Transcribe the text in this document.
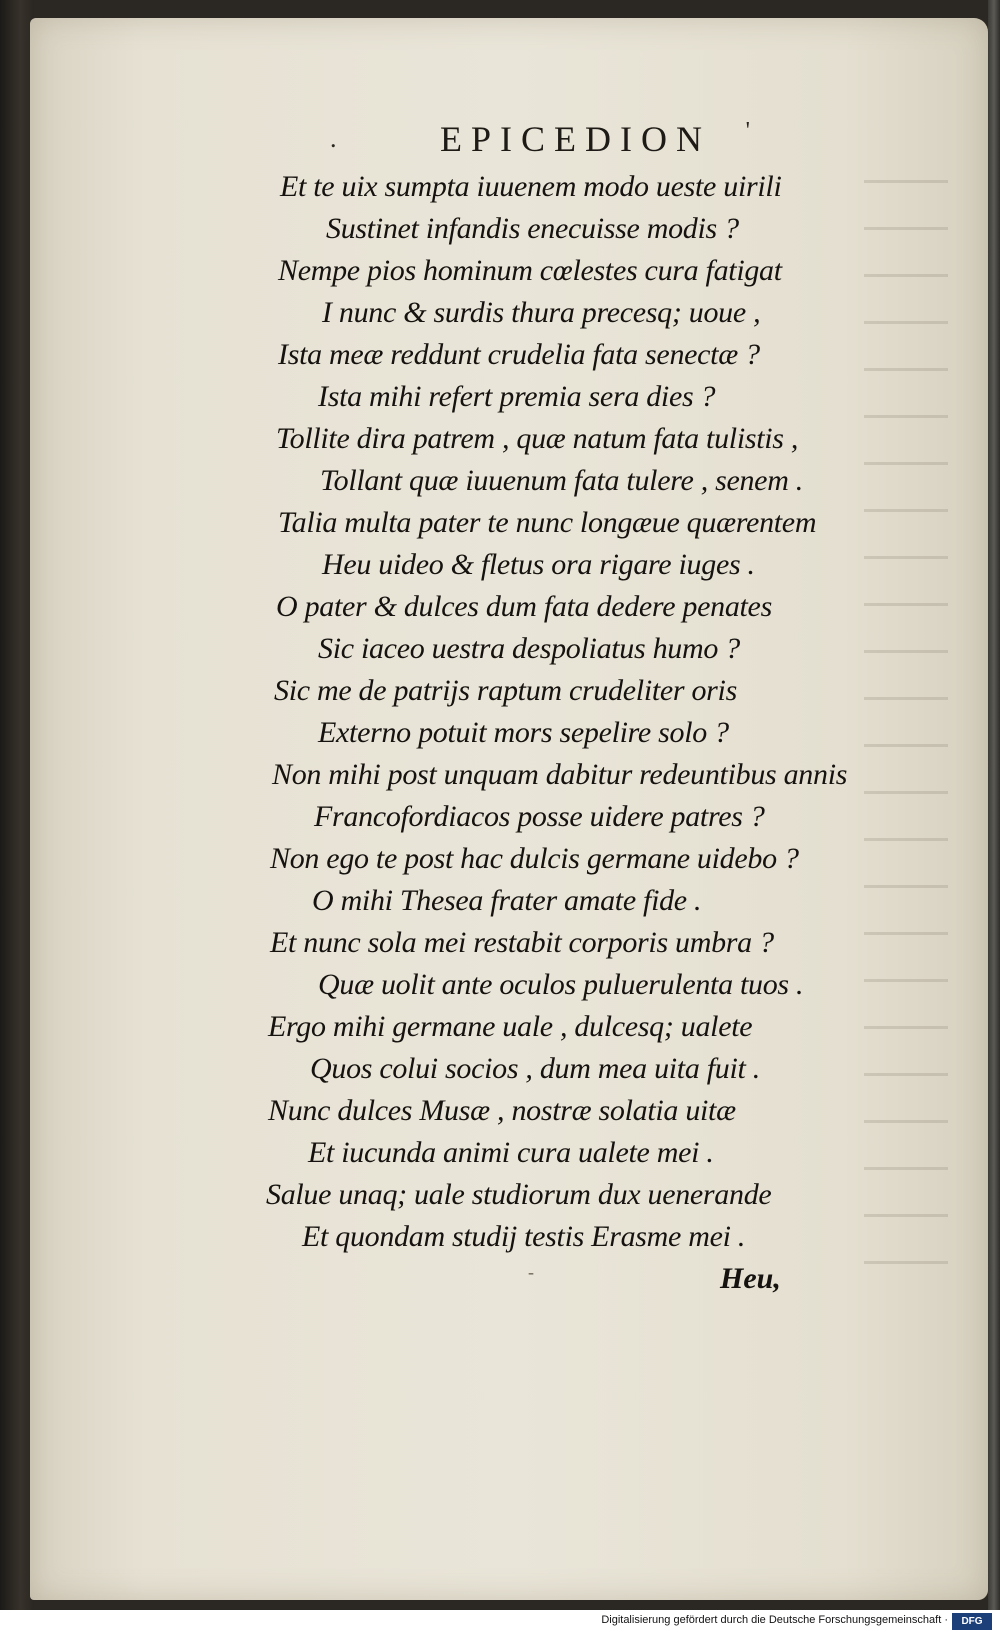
.	EPICEDION '
Et te uix sumpta iuuenem modo ueste uirili
Sustinet infandis enecuisse modis ?
Nempe pios hominum cœlestes cura fatigat
I nunc & surdis thura precesq; uoue ,
Ista meæ reddunt crudelia fata senectæ ?
Ista mihi refert premia sera dies ?
Tollite dira patrem , quæ natum fata tulistis ,
Tollant quæ iuuenum fata tulere , senem .
Talia multa pater te nunc longæue quærentem
Heu uideo & fletus ora rigare iuges .
O pater & dulces dum fata dedere penates
Sic iaceo uestra despoliatus humo ?
Sic me de patrijs raptum crudeliter oris
Externo potuit mors sepelire solo ?
Non mihi post unquam dabitur redeuntibus annis
Francofordiacos posse uidere patres ?
Non ego te post hac dulcis germane uidebo ?
O mihi Thesea frater amate fide .
Et nunc sola mei restabit corporis umbra ?
Quæ uolit ante oculos puluerulenta tuos .
Ergo mihi germane uale , dulcesq; ualete
Quos colui socios , dum mea uita fuit .
Nunc dulces Musæ , nostræ solatia uitæ
Et iucunda animi cura ualete mei .
Salue unaq; uale studiorum dux uenerande
Et quondam studij testis Erasme mei .
-	Heu,
Digitalisierung gefördert durch die Deutsche Forschungsgemeinschaft ·	DFG
